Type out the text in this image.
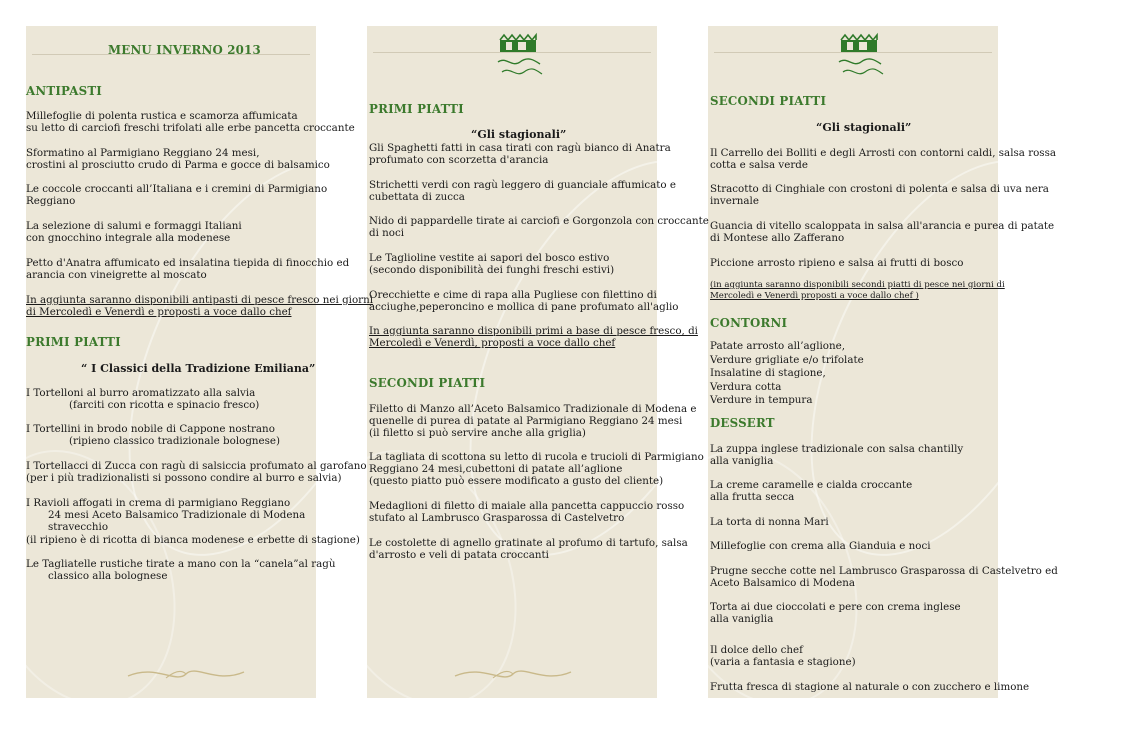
MENU INVERNO 2013
ANTIPASTI

Millefoglie di polenta rustica e scamorza affumicata
su letto di carciofi freschi trifolati alle erbe pancetta croccante

Sformatino al Parmigiano Reggiano 24 mesi,
crostini al prosciutto crudo di Parma e gocce di balsamico

Le coccole croccanti all’Italiana e i cremini di Parmigiano
Reggiano

La selezione di salumi e formaggi Italiani
con gnocchino integrale alla modenese

Petto d'Anatra affumicato ed insalatina tiepida di finocchio ed
arancia con vineigrette al moscato

In aggiunta saranno disponibili antipasti di pesce fresco nei giorni
di Mercoledì e Venerdì e proposti a voce dallo chef

PRIMI PIATTI
“ I Classici della Tradizione Emiliana”

I Tortelloni al burro aromatizzato alla salvia
(farciti con ricotta e spinacio fresco)

I Tortellini in brodo nobile di Cappone nostrano
(ripieno classico tradizionale bolognese)

I Tortellacci di Zucca con ragù di salsiccia profumato al garofano
(per i più tradizionalisti si possono condire al burro e salvia)

I Ravioli affogati in crema di parmigiano Reggiano
24 mesi Aceto Balsamico Tradizionale di Modena
stravecchio
(il ripieno è di ricotta di bianca modenese e erbette di stagione)

Le Tagliatelle rustiche tirate a mano con la “canela”al ragù
classico alla bolognese

PRIMI PIATTI
“Gli stagionali”

Gli Spaghetti fatti in casa tirati con ragù bianco di Anatra
profumato con scorzetta d'arancia

Strichetti verdi con ragù leggero di guanciale affumicato e
cubettata di zucca

Nido di pappardelle tirate ai carciofi e Gorgonzola con croccante
di noci

Le Taglioline vestite ai sapori del bosco estivo
(secondo disponibilità dei funghi freschi estivi)

Orecchiette e cime di rapa alla Pugliese con filettino di
acciughe,peperoncino e mollica di pane profumato all'aglio

In aggiunta saranno disponibili primi a base di pesce fresco, di
Mercoledì e Venerdì, proposti a voce dallo chef

SECONDI PIATTI

Filetto di Manzo all’Aceto Balsamico Tradizionale di Modena e
quenelle di purea di patate al Parmigiano Reggiano 24 mesi
(il filetto si può servire anche alla griglia)

La tagliata di scottona su letto di rucola e trucioli di Parmigiano
Reggiano 24 mesi,cubettoni di patate all’aglione
(questo piatto può essere modificato a gusto del cliente)

Medaglioni di filetto di maiale alla pancetta cappuccio rosso
stufato al Lambrusco Grasparossa di Castelvetro

Le costolette di agnello gratinate al profumo di tartufo, salsa
d'arrosto e veli di patata croccanti

SECONDI PIATTI
“Gli stagionali”

Il Carrello dei Bolliti e degli Arrosti con contorni caldi, salsa rossa
cotta e salsa verde

Stracotto di Cinghiale con crostoni di polenta e salsa di uva nera
invernale

Guancia di vitello scaloppata in salsa all'arancia e purea di patate
di Montese allo Zafferano

Piccione arrosto ripieno e salsa ai frutti di bosco

(in aggiunta saranno disponibili secondi piatti di pesce nei giorni di
Mercoledì e Venerdì proposti a voce dallo chef )

CONTORNI

Patate arrosto all’aglione,
Verdure grigliate e/o trifolate
Insalatine di stagione,
Verdura cotta
Verdure in tempura

DESSERT

La zuppa inglese tradizionale con salsa chantilly
alla vaniglia

La creme caramelle e cialda croccante
alla frutta secca

La torta di nonna Mari

Millefoglie con crema alla Gianduia e noci

Prugne secche cotte nel Lambrusco Grasparossa di Castelvetro ed
Aceto Balsamico di Modena

Torta ai due cioccolati e pere con crema inglese
alla vaniglia

Il dolce dello chef
(varia a fantasia e stagione)

Frutta fresca di stagione al naturale o con zucchero e limone
